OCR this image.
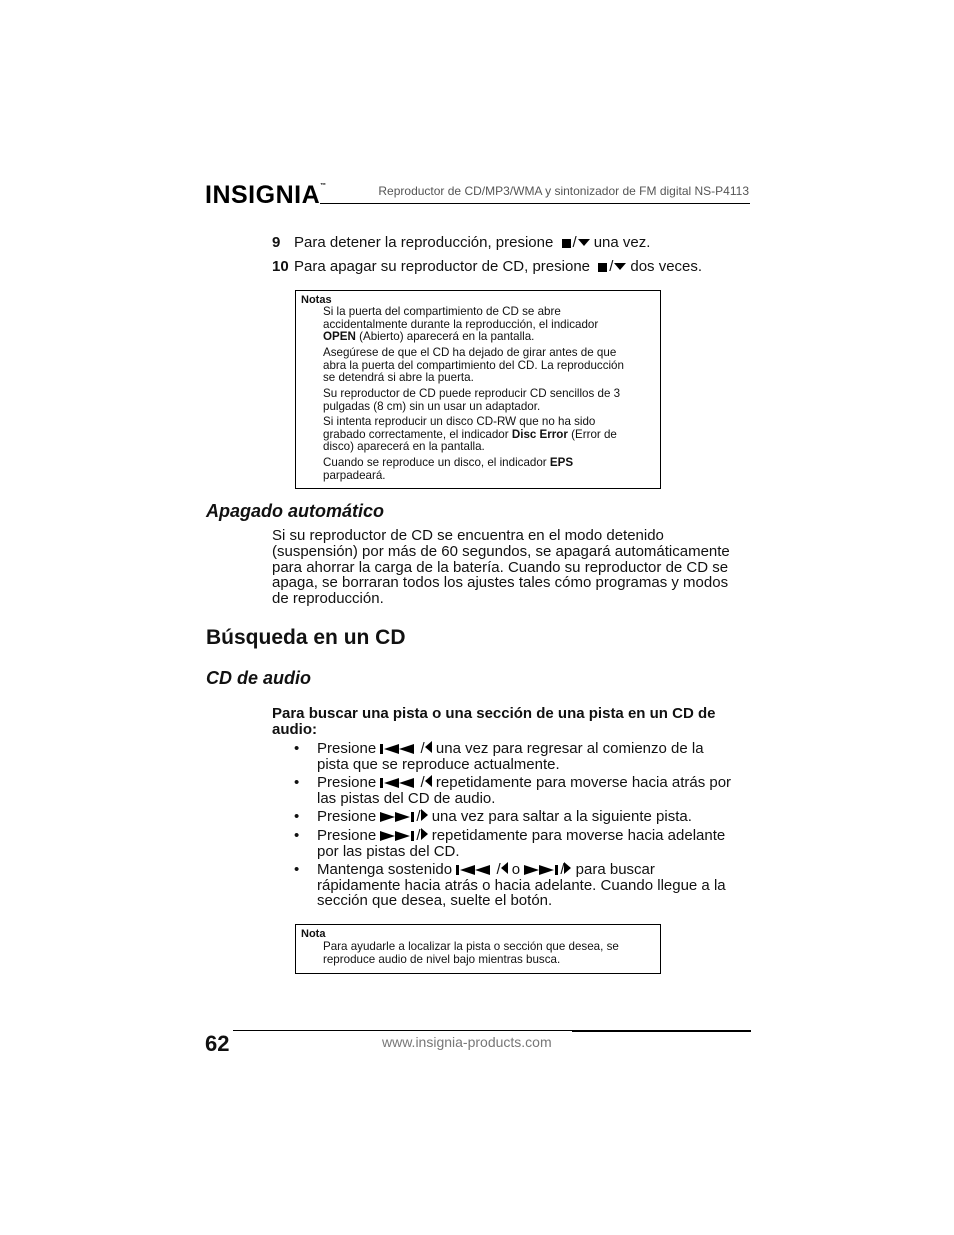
INSIGNIA™	Reproductor de CD/MP3/WMA y sintonizador de FM digital NS-P4113
9 Para detener la reproducción, presione / una vez.
10 Para apagar su reproductor de CD, presione / dos veces.
Notas
Si la puerta del compartimiento de CD se abre
accidentalmente durante la reproducción, el indicador
OPEN (Abierto) aparecerá en la pantalla.
Asegúrese de que el CD ha dejado de girar antes de que
abra la puerta del compartimiento del CD. La reproducción
se detendrá si abre la puerta.
Su reproductor de CD puede reproducir CD sencillos de 3
pulgadas (8 cm) sin un usar un adaptador.
Si intenta reproducir un disco CD-RW que no ha sido
grabado correctamente, el indicador Disc Error (Error de
disco) aparecerá en la pantalla.
Cuando se reproduce un disco, el indicador EPS
parpadeará.
Apagado automático
Si su reproductor de CD se encuentra en el modo detenido
(suspensión) por más de 60 segundos, se apagará automáticamente
para ahorrar la carga de la batería. Cuando su reproductor de CD se
apaga, se borraran todos los ajustes tales cómo programas y modos
de reproducción.
Búsqueda en un CD
CD de audio
Para buscar una pista o una sección de una pista en un CD de
audio:
• Presione	/ una vez para regresar al comienzo de la
pista que se reproduce actualmente.
• Presione	/ repetidamente para moverse hacia atrás por
las pistas del CD de audio.
• Presione	/ una vez para saltar a la siguiente pista.
• Presione	/ repetidamente para moverse hacia adelante
por las pistas del CD.
• Mantenga sostenido	/ o	/ para buscar
rápidamente hacia atrás o hacia adelante. Cuando llegue a la
sección que desea, suelte el botón.
Nota
Para ayudarle a localizar la pista o sección que desea, se
reproduce audio de nivel bajo mientras busca.
62	www.insignia-products.com
